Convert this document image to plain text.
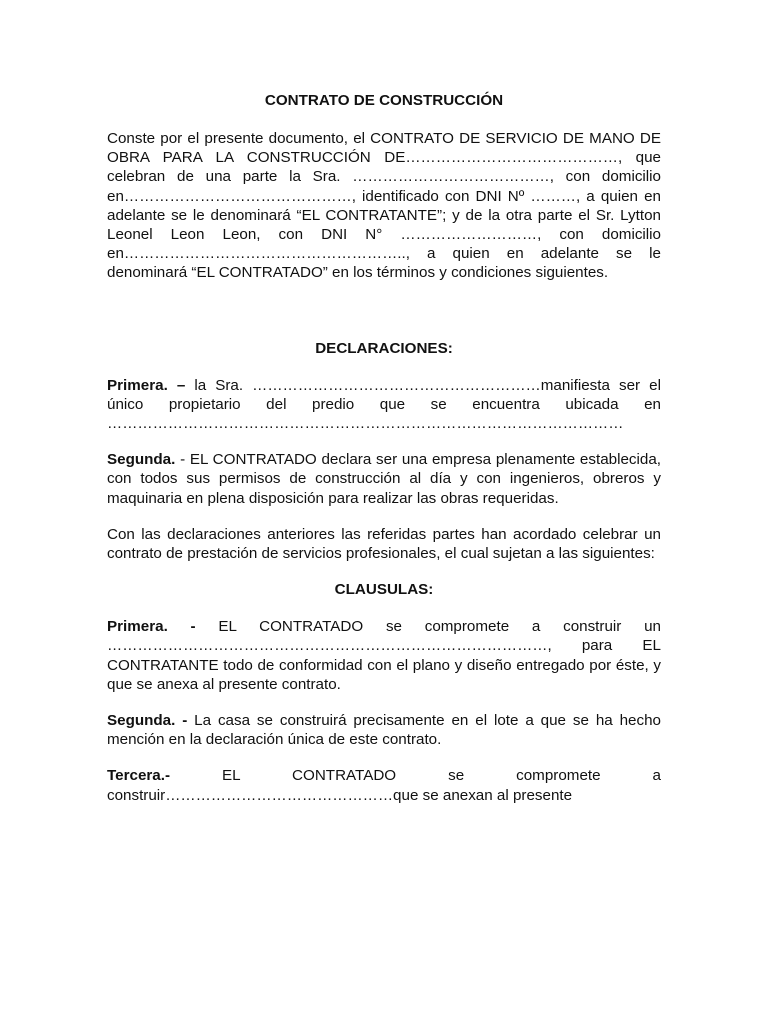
CONTRATO DE CONSTRUCCIÓN

Conste por el presente documento, el CONTRATO DE SERVICIO DE MANO DE OBRA PARA LA CONSTRUCCIÓN DE……………………………………, que celebran de una parte la Sra. …………………………………, con domicilio en………………………………………, identificado con DNI Nº ………, a quien en adelante se le denominará “EL CONTRATANTE”; y de la otra parte el Sr. Lytton Leonel Leon Leon, con DNI N° ………………………, con domicilio en……………………………………………….., a quien en adelante se le denominará “EL CONTRATADO” en los términos y condiciones siguientes.

DECLARACIONES:

Primera. – la Sra. …………………………………………………manifiesta ser el único propietario del predio que se encuentra ubicada en …………………………………………………………………………………………

Segunda. - EL CONTRATADO declara ser una empresa plenamente establecida, con todos sus permisos de construcción al día y con ingenieros, obreros y maquinaria en plena disposición para realizar las obras requeridas.

Con las declaraciones anteriores las referidas partes han acordado celebrar un contrato de prestación de servicios profesionales, el cual sujetan a las siguientes:

CLAUSULAS:

Primera. - EL CONTRATADO se compromete a construir un ……………………………………………………………………………, para EL CONTRATANTE todo de conformidad con el plano y diseño entregado por éste, y que se anexa al presente contrato.

Segunda. - La casa se construirá precisamente en el lote a que se ha hecho mención en la declaración única de este contrato.

Tercera.- EL CONTRATADO se compromete a construir………………………………………que se anexan al presente
